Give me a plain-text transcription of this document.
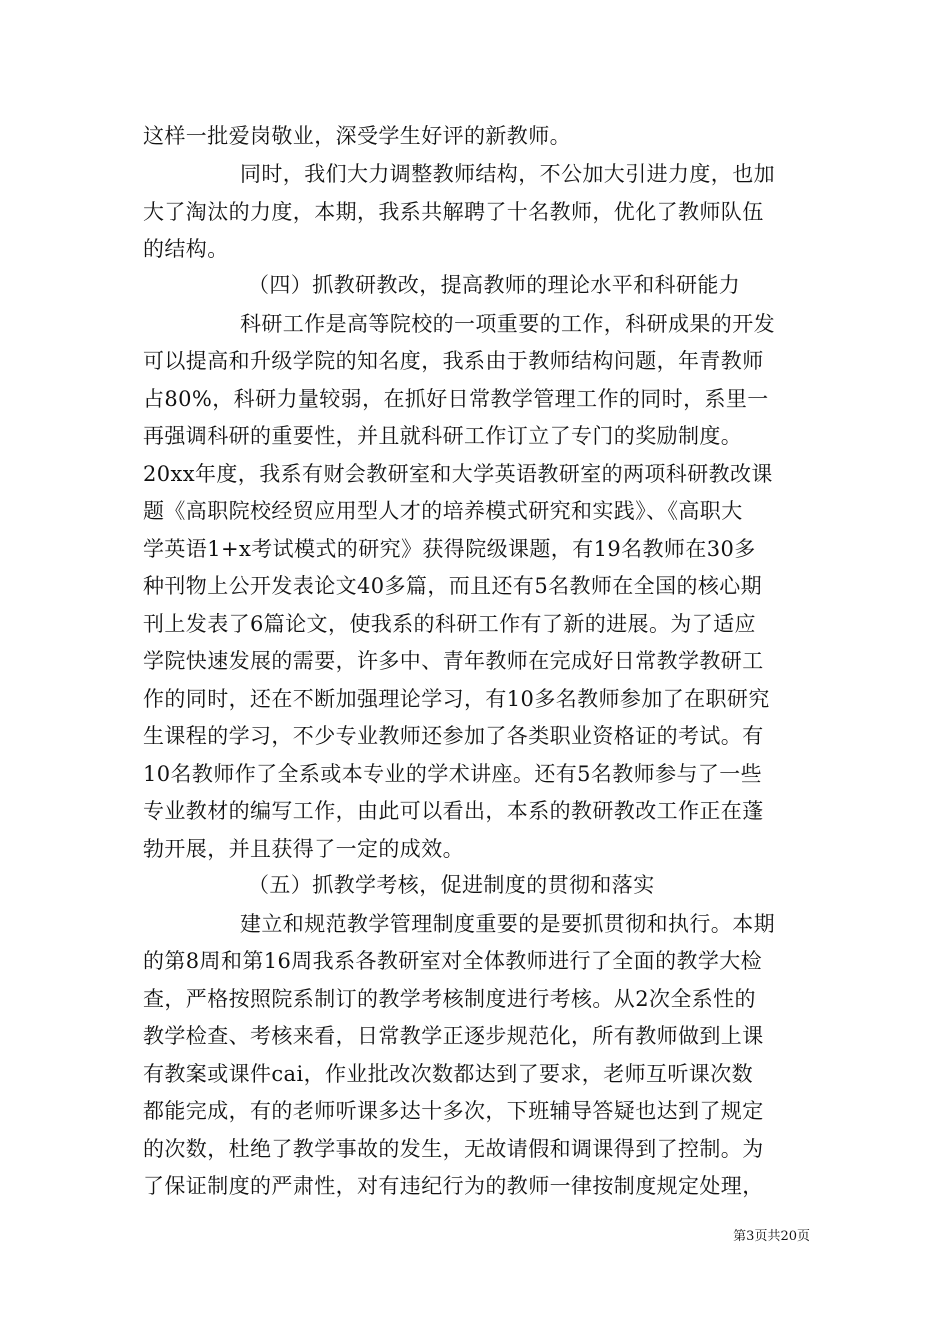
这样一批爱岗敬业，深受学生好评的新教师。
同时，我们大力调整教师结构，不公加大引进力度，也加
大了淘汰的力度，本期，我系共解聘了十名教师，优化了教师队伍
的结构。
（四）抓教研教改，提高教师的理论水平和科研能力
科研工作是高等院校的一项重要的工作，科研成果的开发
可以提高和升级学院的知名度，我系由于教师结构问题，年青教师
占80%，科研力量较弱，在抓好日常教学管理工作的同时，系里一
再强调科研的重要性，并且就科研工作订立了专门的奖励制度。
20xx年度，我系有财会教研室和大学英语教研室的两项科研教改课
题《高职院校经贸应用型人才的培养模式研究和实践》、《高职大
学英语1+x考试模式的研究》获得院级课题，有19名教师在30多
种刊物上公开发表论文40多篇，而且还有5名教师在全国的核心期
刊上发表了6篇论文，使我系的科研工作有了新的进展。为了适应
学院快速发展的需要，许多中、青年教师在完成好日常教学教研工
作的同时，还在不断加强理论学习，有10多名教师参加了在职研究
生课程的学习，不少专业教师还参加了各类职业资格证的考试。有
10名教师作了全系或本专业的学术讲座。还有5名教师参与了一些
专业教材的编写工作，由此可以看出，本系的教研教改工作正在蓬
勃开展，并且获得了一定的成效。
（五）抓教学考核，促进制度的贯彻和落实
建立和规范教学管理制度重要的是要抓贯彻和执行。本期
的第8周和第16周我系各教研室对全体教师进行了全面的教学大检
查，严格按照院系制订的教学考核制度进行考核。从2次全系性的
教学检查、考核来看，日常教学正逐步规范化，所有教师做到上课
有教案或课件cai，作业批改次数都达到了要求，老师互听课次数
都能完成，有的老师听课多达十多次，下班辅导答疑也达到了规定
的次数，杜绝了教学事故的发生，无故请假和调课得到了控制。为
了保证制度的严肃性，对有违纪行为的教师一律按制度规定处理，
第3页共20页
